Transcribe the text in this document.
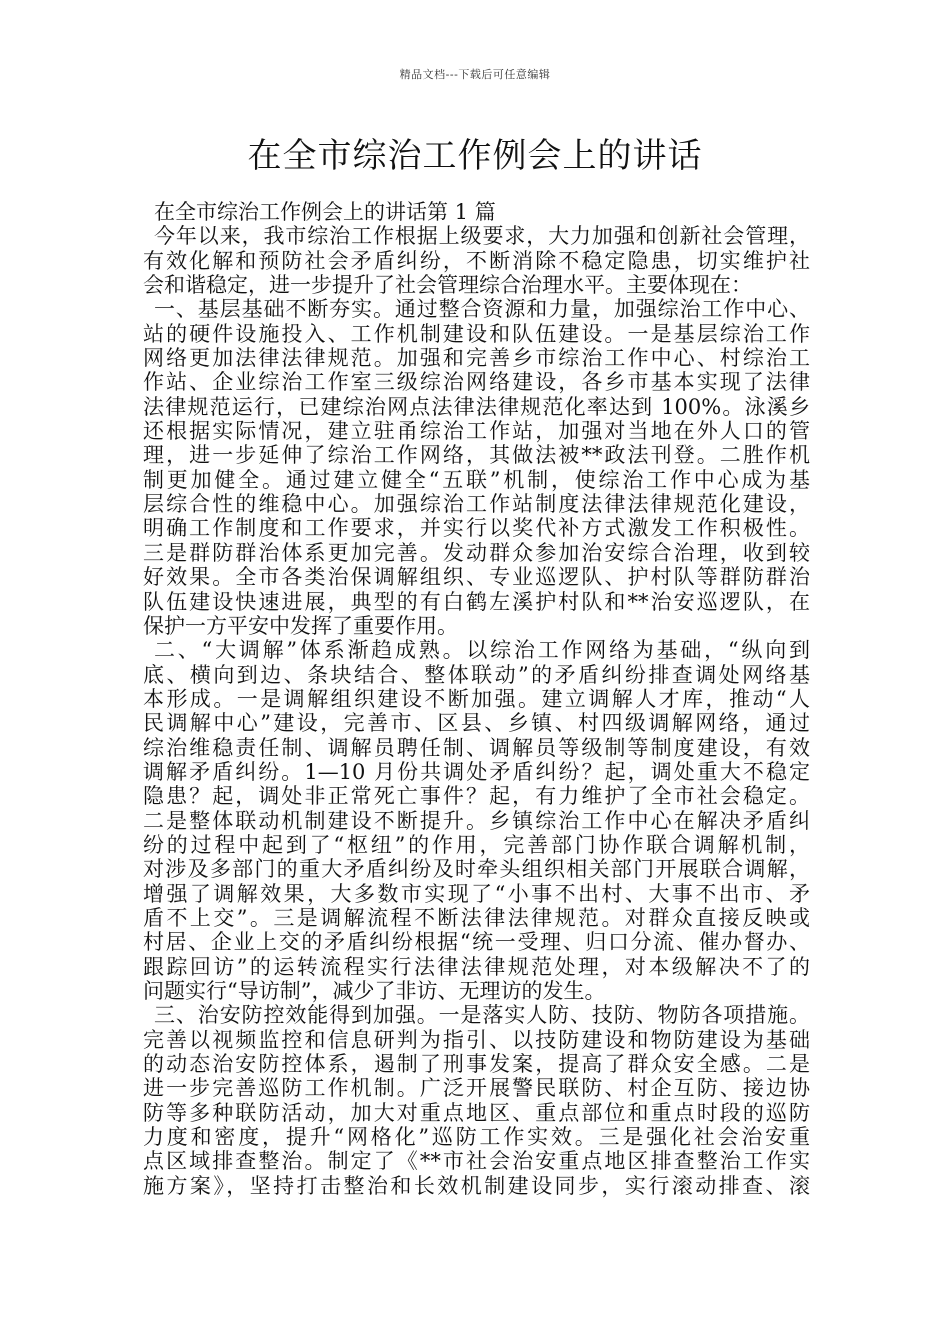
精品文档---下载后可任意编辑
在全市综治工作例会上的讲话
在全市综治工作例会上的讲话第 1 篇
今年以来，我市综治工作根据上级要求，大力加强和创新社会管理，
有效化解和预防社会矛盾纠纷，不断消除不稳定隐患，切实维护社
会和谐稳定，进一步提升了社会管理综合治理水平。主要体现在：
一、基层基础不断夯实。通过整合资源和力量，加强综治工作中心、
站的硬件设施投入、工作机制建设和队伍建设。一是基层综治工作
网络更加法律法律规范。加强和完善乡市综治工作中心、村综治工
作站、企业综治工作室三级综治网络建设，各乡市基本实现了法律
法律规范运行，已建综治网点法律法律规范化率达到 100%。泳溪乡
还根据实际情况，建立驻甬综治工作站，加强对当地在外人口的管
理，进一步延伸了综治工作网络，其做法被**政法刊登。二胜作机
制更加健全。通过建立健全“五联”机制，使综治工作中心成为基
层综合性的维稳中心。加强综治工作站制度法律法律规范化建设，
明确工作制度和工作要求，并实行以奖代补方式激发工作积极性。
三是群防群治体系更加完善。发动群众参加治安综合治理，收到较
好效果。全市各类治保调解组织、专业巡逻队、护村队等群防群治
队伍建设快速进展，典型的有白鹤左溪护村队和**治安巡逻队，在
保护一方平安中发挥了重要作用。
二、“大调解”体系渐趋成熟。以综治工作网络为基础，“纵向到
底、横向到边、条块结合、整体联动”的矛盾纠纷排查调处网络基
本形成。一是调解组织建设不断加强。建立调解人才库，推动“人
民调解中心”建设，完善市、区县、乡镇、村四级调解网络，通过
综治维稳责任制、调解员聘任制、调解员等级制等制度建设，有效
调解矛盾纠纷。1—10 月份共调处矛盾纠纷？起，调处重大不稳定
隐患？起，调处非正常死亡事件？起，有力维护了全市社会稳定。
二是整体联动机制建设不断提升。乡镇综治工作中心在解决矛盾纠
纷的过程中起到了“枢纽”的作用，完善部门协作联合调解机制，
对涉及多部门的重大矛盾纠纷及时牵头组织相关部门开展联合调解，
增强了调解效果，大多数市实现了“小事不出村、大事不出市、矛
盾不上交”。三是调解流程不断法律法律规范。对群众直接反映或
村居、企业上交的矛盾纠纷根据“统一受理、归口分流、催办督办、
跟踪回访”的运转流程实行法律法律规范处理，对本级解决不了的
问题实行“导访制”，减少了非访、无理访的发生。
三、治安防控效能得到加强。一是落实人防、技防、物防各项措施。
完善以视频监控和信息研判为指引、以技防建设和物防建设为基础
的动态治安防控体系，遏制了刑事发案，提高了群众安全感。二是
进一步完善巡防工作机制。广泛开展警民联防、村企互防、接边协
防等多种联防活动，加大对重点地区、重点部位和重点时段的巡防
力度和密度，提升“网格化”巡防工作实效。三是强化社会治安重
点区域排查整治。制定了《**市社会治安重点地区排查整治工作实
施方案》，坚持打击整治和长效机制建设同步，实行滚动排查、滚
